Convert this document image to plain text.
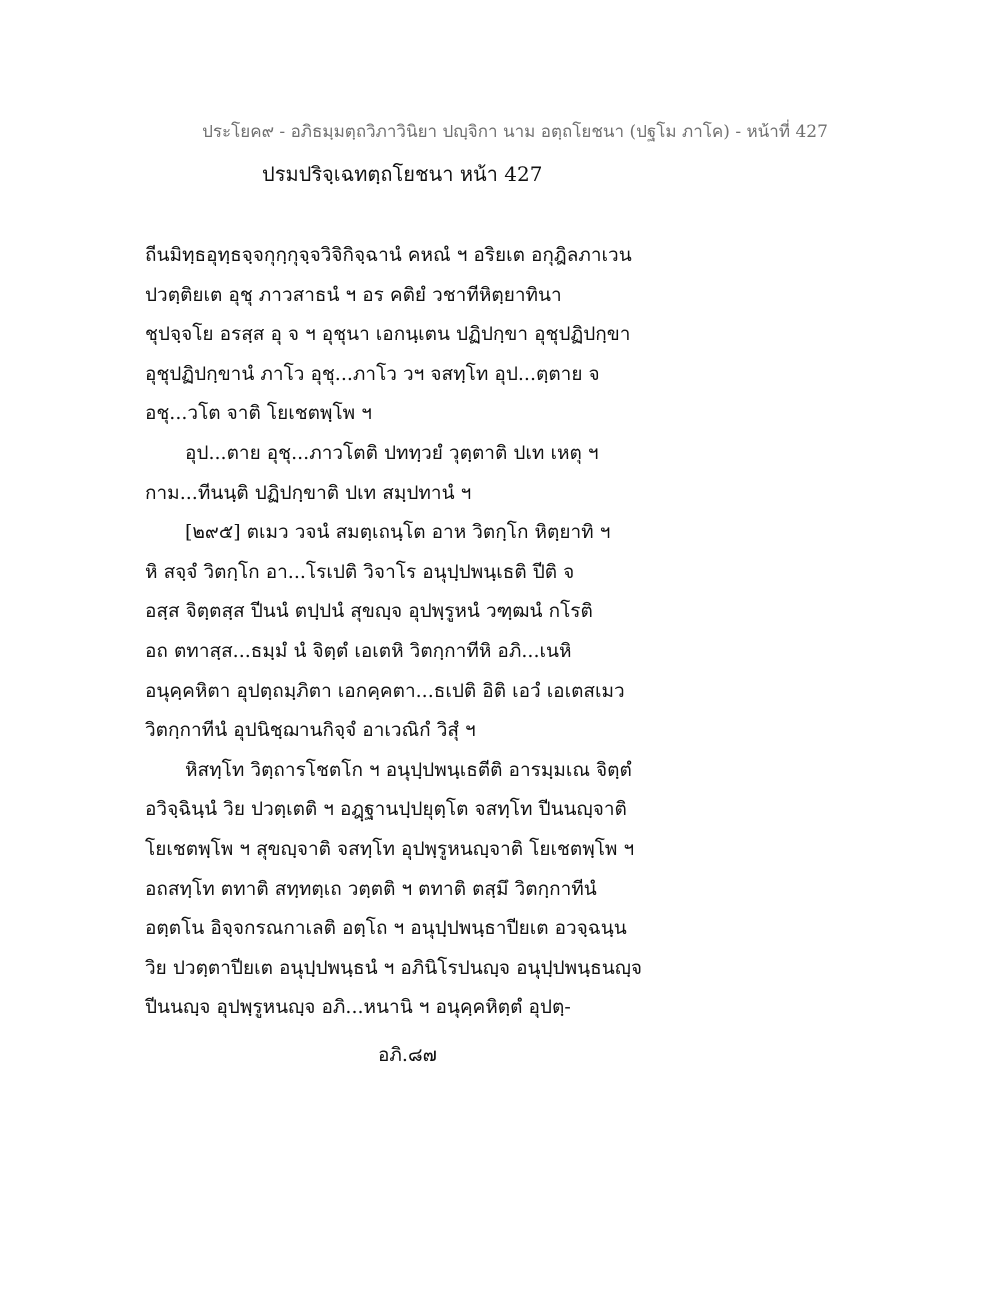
ประโยค๙ - อภิธมฺมตฺถวิภาวินิยา ปญฺจิกา นาม อตฺถโยชนา (ปฐโม ภาโค) - หน้าที่ 427
ปรมปริจฺเฉทตฺถโยชนา หน้า 427
ถีนมิทฺธอุทฺธจฺจกุกฺกุจฺจวิจิกิจฺฉานํ คหณํ ฯ อริยเต อกุฎิลภาเวน
ปวตฺติยเต อุชุ ภาวสาธนํ ฯ อร คติยํ วชาทีหิตฺยาทินา
ชุปจฺจโย อรสฺส อุ จ ฯ อุชุนา เอกนฺเตน ปฏิปกฺขา อุชุปฏิปกฺขา
อุชุปฏิปกฺขานํ ภาโว อุชุ...ภาโว วฯ จสทฺโท อุป...ตฺตาย จ
อชุ...วโต จาติ โยเชตพฺโพ ฯ
อุป...ตาย อุชุ...ภาวโตติ ปททฺวยํ วุตฺตาติ ปเท เหตุ ฯ
กาม...ทีนนฺติ ปฏิปกฺขาติ ปเท สมฺปทานํ ฯ
[๒๙๕] ตเมว วจนํ สมตฺเถนฺโต อาห วิตกฺโก หิตฺยาทิ ฯ
หิ สจฺจํ วิตกฺโก อา...โรเปติ วิจาโร อนุปฺปพนฺเธติ ปีติ จ
อสฺส จิตฺตสฺส ปีนนํ ตปฺปนํ สุขญฺจ อุปพฺรูหนํ วฑฺฒนํ กโรติ
อถ ตทาสฺส...ธมฺมํ นํ จิตฺตํ เอเตหิ วิตกฺกาทีหิ อภิ...เนหิ
อนุคฺคหิตา อุปตฺถมฺภิตา เอกคฺคตา...ธเปติ อิติ เอวํ เอเตสเมว
วิตกฺกาทีนํ อุปนิชฺฌานกิจฺจํ อาเวณิกํ วิสุํ ฯ
หิสทฺโท วิตฺถารโชตโก ฯ อนุปฺปพนฺเธตีติ อารมฺมเณ จิตฺตํ
อวิจฺฉินฺนํ วิย ปวตฺเตติ ฯ อฎฺฐานปฺปยุตฺโต จสทฺโท ปีนนญฺจาติ
โยเชตพฺโพ ฯ สุขญฺจาติ จสทฺโท อุปพฺรูหนญฺจาติ โยเชตพฺโพ ฯ
อถสทฺโท ตทาติ สทฺทตฺเถ วตฺตติ ฯ ตทาติ ตสฺมึ วิตกฺกาทีนํ
อตฺตโน อิจฺจกรณกาเลติ อตฺโถ ฯ อนุปฺปพนฺธาปียเต อวจฺฉนฺน
วิย ปวตฺตาปียเต อนุปฺปพนฺธนํ ฯ อภินิโรปนญฺจ อนุปฺปพนฺธนญฺจ
ปีนนญฺจ อุปพฺรูหนญฺจ อภิ...หนานิ ฯ อนุคฺคหิตฺตํ อุปตฺ-
อภิ.๘๗
